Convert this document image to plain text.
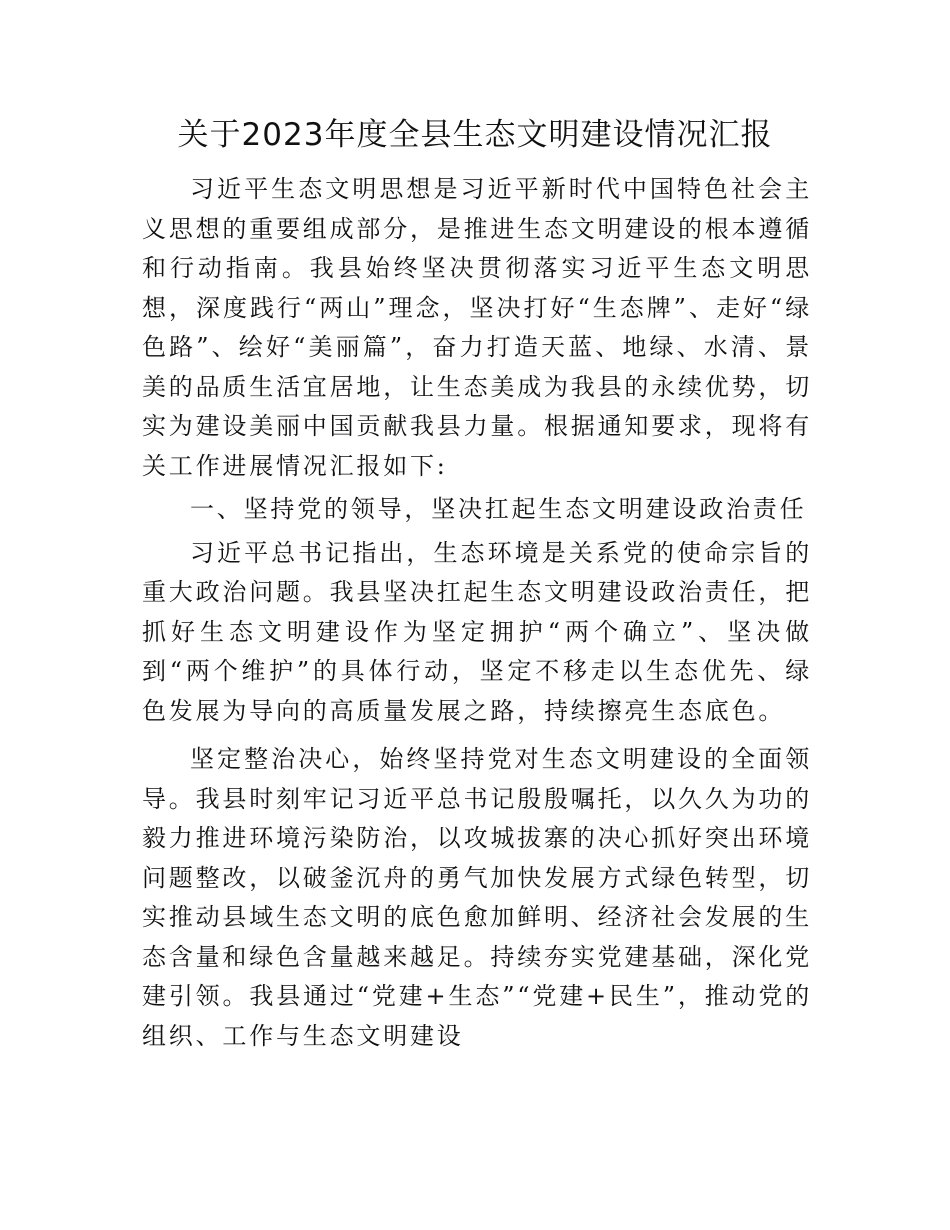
关于2023年度全县生态文明建设情况汇报

习近平生态文明思想是习近平新时代中国特色社会主义思想的重要组成部分，是推进生态文明建设的根本遵循和行动指南。我县始终坚决贯彻落实习近平生态文明思想，深度践行“两山”理念，坚决打好“生态牌”、走好“绿色路”、绘好“美丽篇”，奋力打造天蓝、地绿、水清、景美的品质生活宜居地，让生态美成为我县的永续优势，切实为建设美丽中国贡献我县力量。根据通知要求，现将有关工作进展情况汇报如下:

一、坚持党的领导，坚决扛起生态文明建设政治责任

习近平总书记指出，生态环境是关系党的使命宗旨的重大政治问题。我县坚决扛起生态文明建设政治责任，把抓好生态文明建设作为坚定拥护“两个确立”、坚决做到“两个维护”的具体行动，坚定不移走以生态优先、绿色发展为导向的高质量发展之路，持续擦亮生态底色。

坚定整治决心，始终坚持党对生态文明建设的全面领导。我县时刻牢记习近平总书记殷殷嘱托，以久久为功的毅力推进环境污染防治，以攻城拔寨的决心抓好突出环境问题整改，以破釜沉舟的勇气加快发展方式绿色转型，切实推动县域生态文明的底色愈加鲜明、经济社会发展的生态含量和绿色含量越来越足。持续夯实党建基础，深化党建引领。我县通过“党建+生态”“党建+民生”，推动党的组织、工作与生态文明建设
